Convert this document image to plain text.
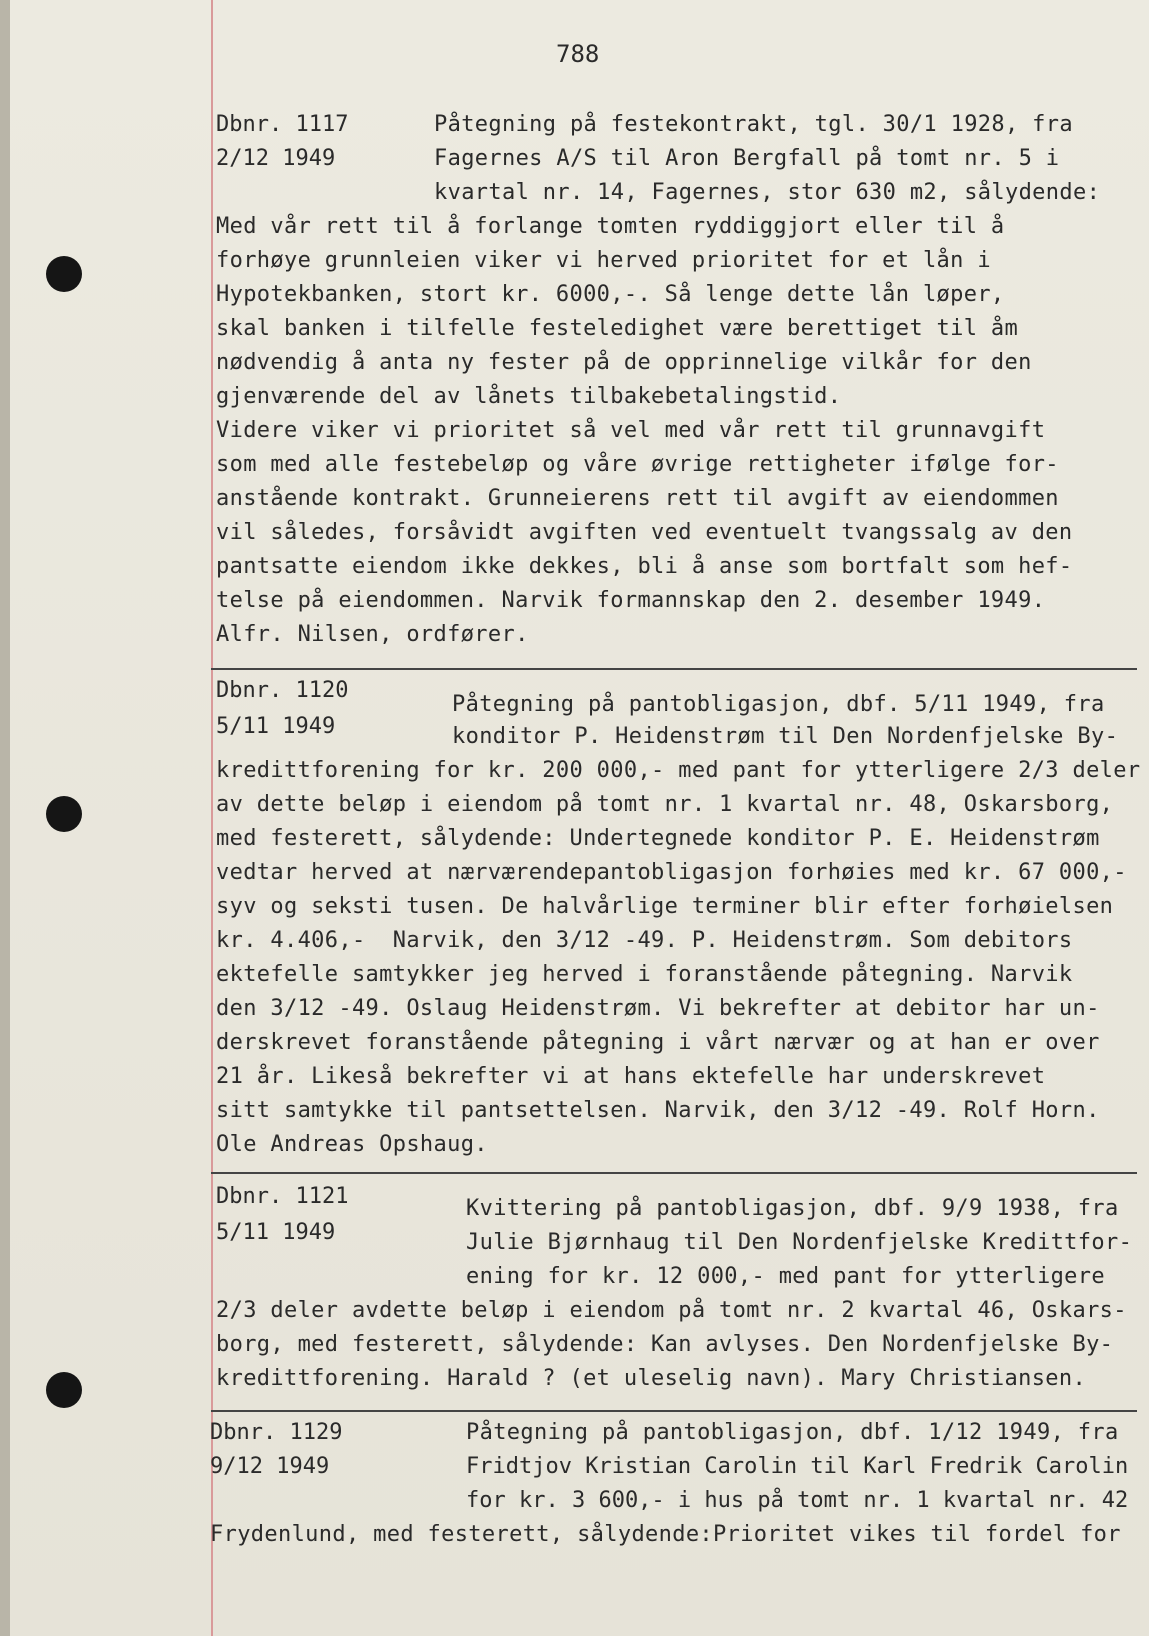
788

Dbnr. 1117

2/12 1949

Påtegning på festekontrakt, tgl. 30/1 1928, fra

Fagernes A/S til Aron Bergfall på tomt nr. 5 i

kvartal nr. 14, Fagernes, stor 630 m2, sålydende:

Med vår rett til å forlange tomten ryddiggjort eller til å

forhøye grunnleien viker vi herved prioritet for et lån i

Hypotekbanken, stort kr. 6000,-. Så lenge dette lån løper,

skal banken i tilfelle festeledighet være berettiget til åm

nødvendig å anta ny fester på de opprinnelige vilkår for den

gjenværende del av lånets tilbakebetalingstid.

Videre viker vi prioritet så vel med vår rett til grunnavgift

som med alle festebeløp og våre øvrige rettigheter ifølge for-

anstående kontrakt. Grunneierens rett til avgift av eiendommen

vil således, forsåvidt avgiften ved eventuelt tvangssalg av den

pantsatte eiendom ikke dekkes, bli å anse som bortfalt som hef-

telse på eiendommen. Narvik formannskap den 2. desember 1949.

Alfr. Nilsen, ordfører.

Dbnr. 1120

5/11 1949

Påtegning på pantobligasjon, dbf. 5/11 1949, fra

konditor P. Heidenstrøm til Den Nordenfjelske By-

kredittforening for kr. 200 000,- med pant for ytterligere 2/3 deler

av dette beløp i eiendom på tomt nr. 1 kvartal nr. 48, Oskarsborg,

med festerett, sålydende: Undertegnede konditor P. E. Heidenstrøm

vedtar herved at nærværendepantobligasjon forhøies med kr. 67 000,-

syv og seksti tusen. De halvårlige terminer blir efter forhøielsen

kr. 4.406,-  Narvik, den 3/12 -49. P. Heidenstrøm. Som debitors

ektefelle samtykker jeg herved i foranstående påtegning. Narvik

den 3/12 -49. Oslaug Heidenstrøm. Vi bekrefter at debitor har un-

derskrevet foranstående påtegning i vårt nærvær og at han er over

21 år. Likeså bekrefter vi at hans ektefelle har underskrevet

sitt samtykke til pantsettelsen. Narvik, den 3/12 -49. Rolf Horn.

Ole Andreas Opshaug.

Dbnr. 1121

5/11 1949

Kvittering på pantobligasjon, dbf. 9/9 1938, fra

Julie Bjørnhaug til Den Nordenfjelske Kredittfor-

ening for kr. 12 000,- med pant for ytterligere

2/3 deler avdette beløp i eiendom på tomt nr. 2 kvartal 46, Oskars-

borg, med festerett, sålydende: Kan avlyses. Den Nordenfjelske By-

kredittforening. Harald ? (et uleselig navn). Mary Christiansen.

Dbnr. 1129

9/12 1949

Påtegning på pantobligasjon, dbf. 1/12 1949, fra

Fridtjov Kristian Carolin til Karl Fredrik Carolin

for kr. 3 600,- i hus på tomt nr. 1 kvartal nr. 42

Frydenlund, med festerett, sålydende:Prioritet vikes til fordel for
